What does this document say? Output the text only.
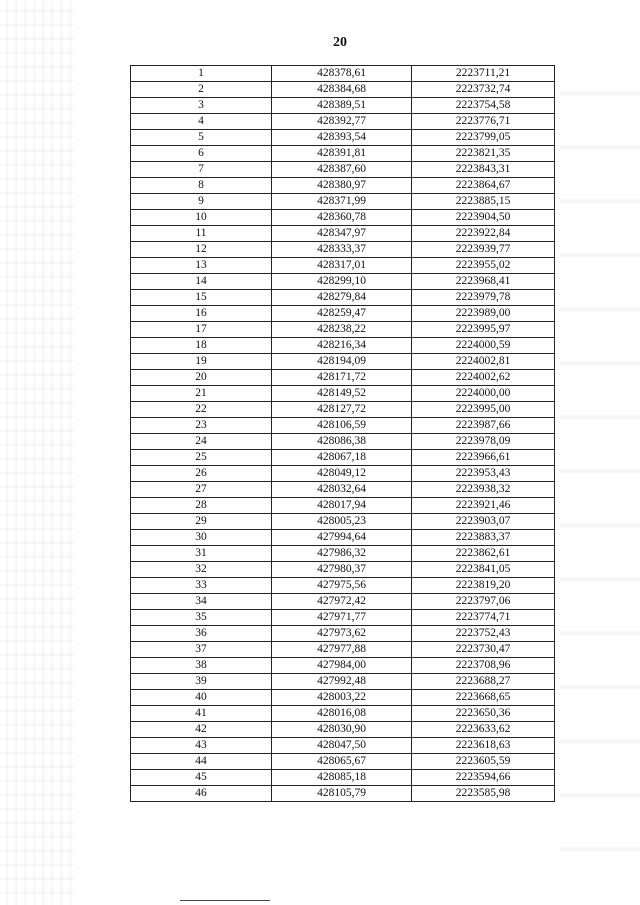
20
1	428378,61	2223711,21
2	428384,68	2223732,74
3	428389,51	2223754,58
4	428392,77	2223776,71
5	428393,54	2223799,05
6	428391,81	2223821,35
7	428387,60	2223843,31
8	428380,97	2223864,67
9	428371,99	2223885,15
10	428360,78	2223904,50
11	428347,97	2223922,84
12	428333,37	2223939,77
13	428317,01	2223955,02
14	428299,10	2223968,41
15	428279,84	2223979,78
16	428259,47	2223989,00
17	428238,22	2223995,97
18	428216,34	2224000,59
19	428194,09	2224002,81
20	428171,72	2224002,62
21	428149,52	2224000,00
22	428127,72	2223995,00
23	428106,59	2223987,66
24	428086,38	2223978,09
25	428067,18	2223966,61
26	428049,12	2223953,43
27	428032,64	2223938,32
28	428017,94	2223921,46
29	428005,23	2223903,07
30	427994,64	2223883,37
31	427986,32	2223862,61
32	427980,37	2223841,05
33	427975,56	2223819,20
34	427972,42	2223797,06
35	427971,77	2223774,71
36	427973,62	2223752,43
37	427977,88	2223730,47
38	427984,00	2223708,96
39	427992,48	2223688,27
40	428003,22	2223668,65
41	428016,08	2223650,36
42	428030,90	2223633,62
43	428047,50	2223618,63
44	428065,67	2223605,59
45	428085,18	2223594,66
46	428105,79	2223585,98
